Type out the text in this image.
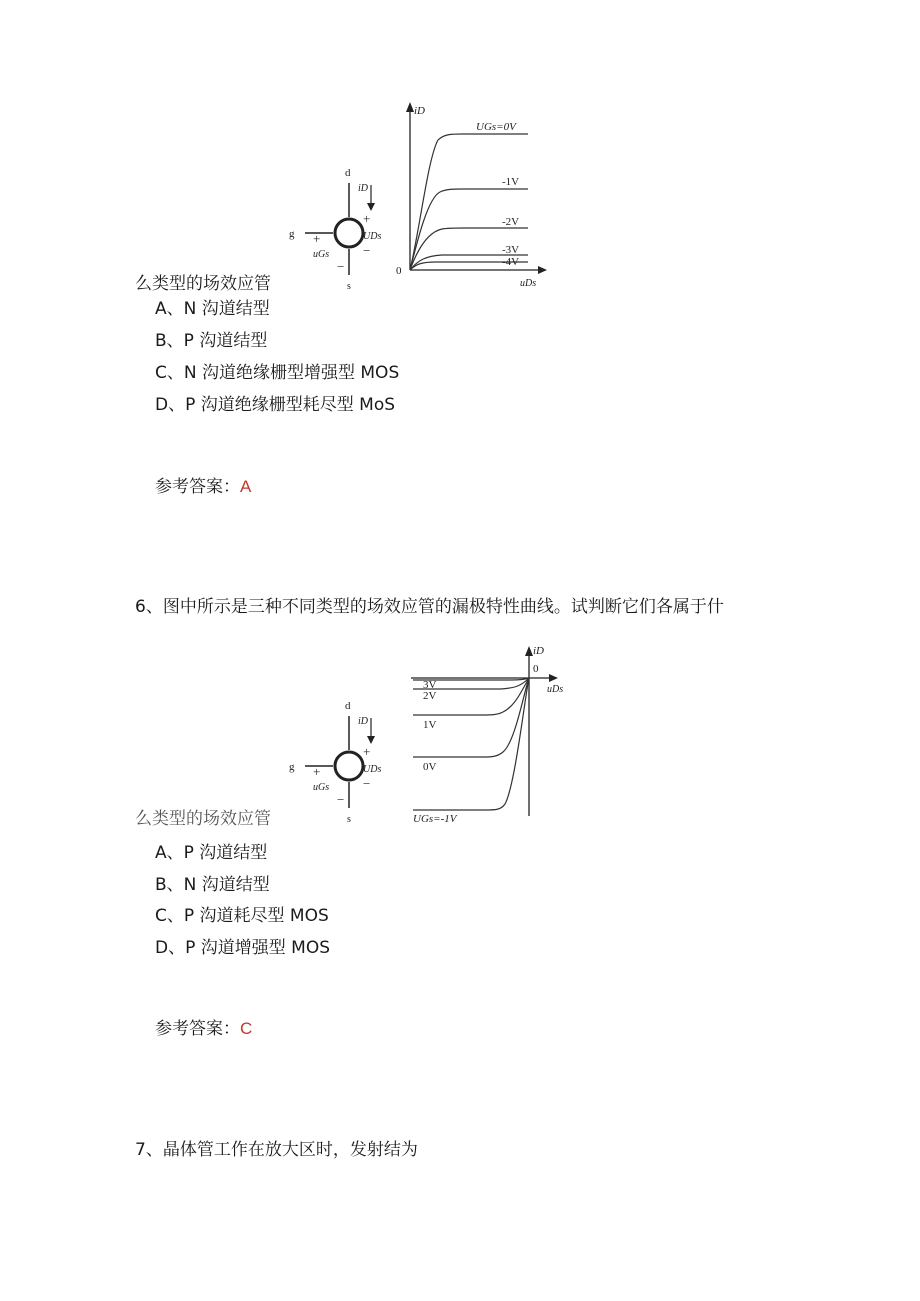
d
g
s
iD
+
UDs
−
+
uGs
−
iD
uDs
0
UGs=0V
-1V
-2V
-3V
-4V
么类型的场效应管
A、N 沟道结型
B、P 沟道结型
C、N 沟道绝缘栅型增强型 MOS
D、P 沟道绝缘栅型耗尽型 MoS
参考答案：A
6、图中所示是三种不同类型的场效应管的漏极特性曲线。试判断它们各属于什
d
g
s
iD
+
UDs
−
+
uGs
−
iD
uDs
0
3V
2V
1V
0V
UGs=-1V
么类型的场效应管
A、P 沟道结型
B、N 沟道结型
C、P 沟道耗尽型 MOS
D、P 沟道增强型 MOS
参考答案：C
7、晶体管工作在放大区时，发射结为
